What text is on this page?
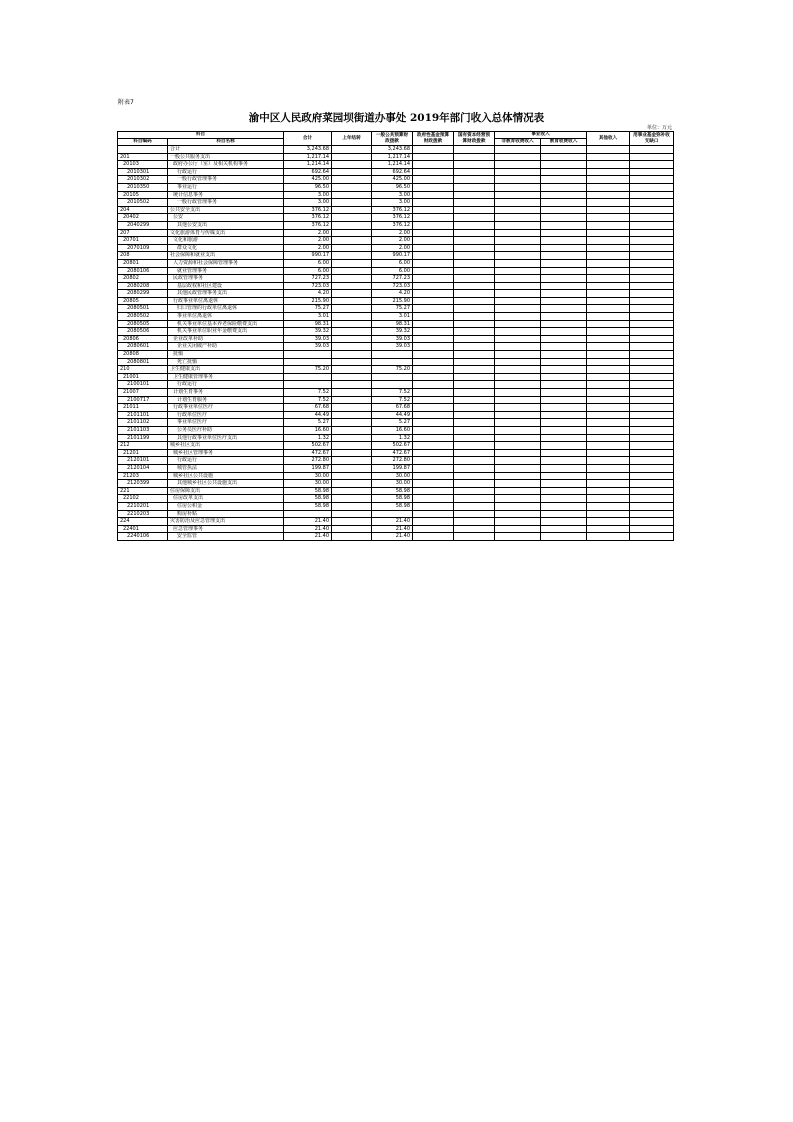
附表7
渝中区人民政府菜园坝街道办事处 2019年部门收入总体情况表
单位：万元
科目		合计	上年结转	一般公共预算财政拨款	政府性基金预算财政拨款	国有资本经营预算财政拨款	事业收入		其他收入	用事业基金弥补收支缺口
科目编码	科目名称						非教育收费收入	教育收费收入		
	合计	3,243.68		3,243.68						
201	一般公共服务支出	1,217.14		1,217.14						
20103	政府办公厅（室）及相关机构事务	1,214.14		1,214.14						
2010301	行政运行	692.64		692.64						
2010302	一般行政管理事务	425.00		425.00						
2010350	事业运行	96.50		96.50						
20105	统计信息事务	3.00		3.00						
2010502	一般行政管理事务	3.00		3.00						
204	公共安全支出	376.12		376.12						
20402	公安	376.12		376.12						
2040299	其他公安支出	376.12		376.12						
207	文化旅游体育与传媒支出	2.00		2.00						
20701	文化和旅游	2.00		2.00						
2070109	群众文化	2.00		2.00						
208	社会保障和就业支出	990.17		990.17						
20801	人力资源和社会保障管理事务	6.00		6.00						
2080106	就业管理事务	6.00		6.00						
20802	民政管理事务	727.23		727.23						
2080208	基层政权和社区建设	723.03		723.03						
2080299	其他民政管理事务支出	4.20		4.20						
20805	行政事业单位离退休	215.90		215.90						
2080501	归口管理的行政单位离退休	75.27		75.27						
2080502	事业单位离退休	3.01		3.01						
2080505	机关事业单位基本养老保险缴费支出	98.31		98.31						
2080506	机关事业单位职业年金缴费支出	39.32		39.32						
20806	企业改革补助	39.03		39.03						
2080601	企业关闭破产补助	39.03		39.03						
20808	抚恤									
2080801	死亡抚恤									
210	卫生健康支出	75.20		75.20						
21001	卫生健康管理事务									
2100101	行政运行									
21007	计划生育事务	7.52		7.52						
2100717	计划生育服务	7.52		7.52						
21011	行政事业单位医疗	67.68		67.68						
2101101	行政单位医疗	44.49		44.49						
2101102	事业单位医疗	5.27		5.27						
2101103	公务员医疗补助	16.60		16.60						
2101199	其他行政事业单位医疗支出	1.32		1.32						
212	城乡社区支出	502.67		502.67						
21201	城乡社区管理事务	472.67		472.67						
2120101	行政运行	272.80		272.80						
2120104	城管执法	199.87		199.87						
21203	城乡社区公共设施	30.00		30.00						
2120399	其他城乡社区公共设施支出	30.00		30.00						
221	住房保障支出	58.98		58.98						
22102	住房改革支出	58.98		58.98						
2210201	住房公积金	58.98		58.98						
2210203	购房补贴									
224	灾害防治及应急管理支出	21.40		21.40						
22401	应急管理事务	21.40		21.40						
2240106	安全监管	21.40		21.40						
